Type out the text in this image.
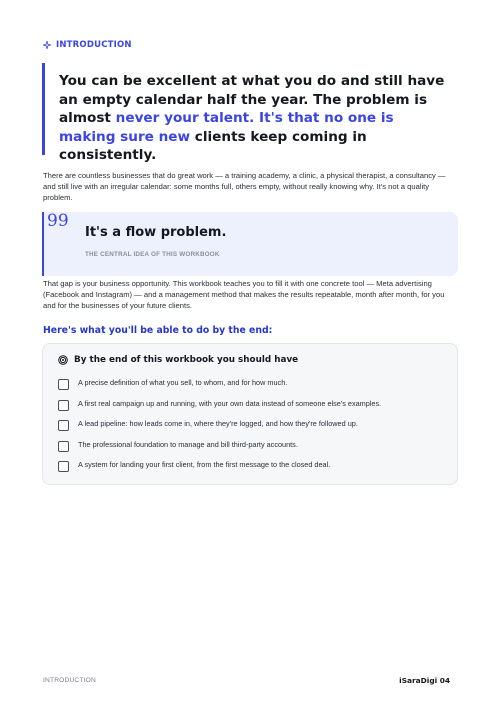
INTRODUCTION

You can be excellent at what you do and still have an empty calendar half the year. The problem is almost never your talent. It's that no one is making sure new clients keep coming in consistently.

There are countless businesses that do great work — a training academy, a clinic, a physical therapist, a consultancy — and still live with an irregular calendar: some months full, others empty, without really knowing why. It's not a quality problem.

99
It's a flow problem.
THE CENTRAL IDEA OF THIS WORKBOOK

That gap is your business opportunity. This workbook teaches you to fill it with one concrete tool — Meta advertising (Facebook and Instagram) — and a management method that makes the results repeatable, month after month, for you and for the businesses of your future clients.

Here's what you'll be able to do by the end:
By the end of this workbook you should have
A precise definition of what you sell, to whom, and for how much.
A first real campaign up and running, with your own data instead of someone else's examples.
A lead pipeline: how leads come in, where they're logged, and how they're followed up.
The professional foundation to manage and bill third-party accounts.
A system for landing your first client, from the first message to the closed deal.
INTRODUCTION	iSaraDigi 04
